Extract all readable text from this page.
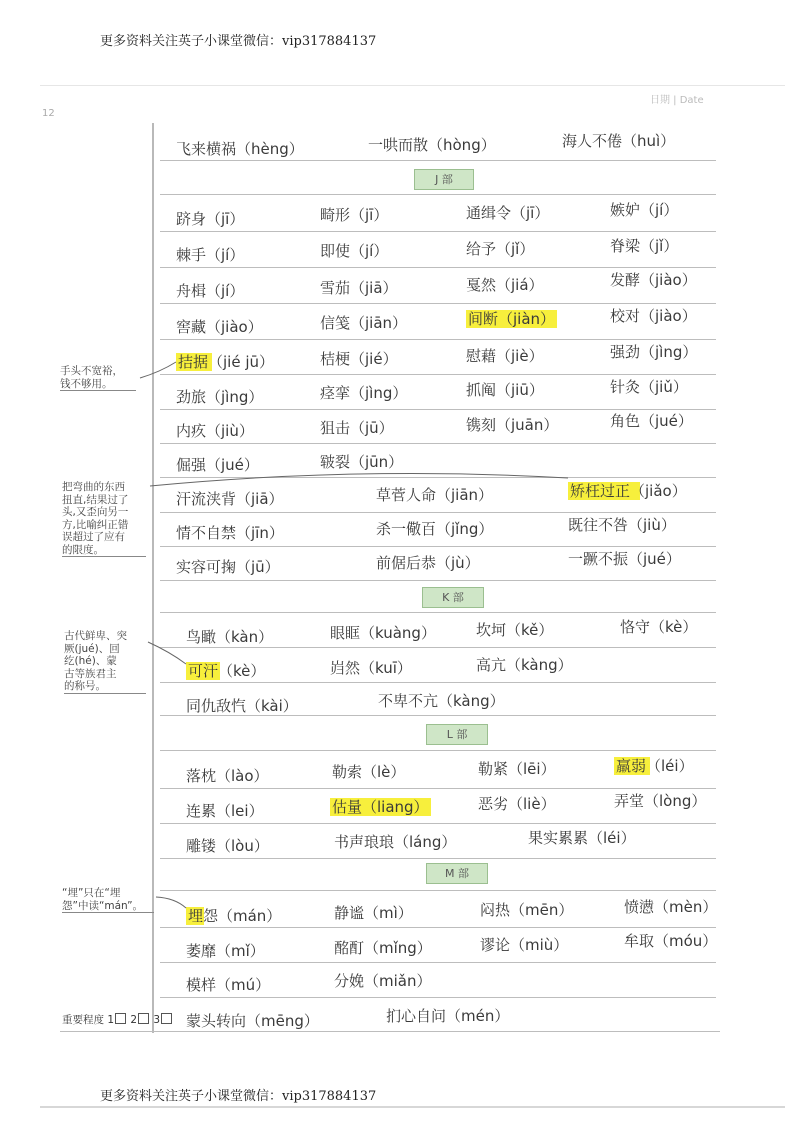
更多资料关注英子小课堂微信：vip317884137
12
日期 | Date
飞来横祸（hèng）	一哄而散（hòng）	海人不倦（huì）
J 部
跻身（jī）	畸形（jī）	通缉令（jī）	嫉妒（jí）
棘手（jí）	即使（jí）	给予（jǐ）	脊梁（jǐ）
舟楫（jí）	雪茄（jiā）	戛然（jiá）	发酵（jiào）
窖藏（jiào）	信笺（jiān）	间断（jiàn）	校对（jiào）
拮据（jié jū）	桔梗（jié）	慰藉（jiè）	强劲（jìng）
劲旅（jìng）	痉挛（jìng）	抓阄（jiū）	针灸（jiǔ）
内疚（jiù）	狙击（jū）	镌刻（juān）	角色（jué）
倔强（jué）	皲裂（jūn）
汗流浃背（jiā）	草菅人命（jiān）	矫枉过正（jiǎo）
情不自禁（jīn）	杀一儆百（jǐng）	既往不咎（jiù）
实容可掬（jū）	前倨后恭（jù）	一蹶不振（jué）
K 部
鸟瞰（kàn）	眼眶（kuàng）	坎坷（kě）	恪守（kè）
可汗（kè）	岿然（kuī）	高亢（kàng）
同仇敌忾（kài）	不卑不亢（kàng）
L 部
落枕（lào）	勒索（lè）	勒紧（lēi）	羸弱（léi）
连累（lei）	估量（liang）	恶劣（liè）	弄堂（lòng）
雕镂（lòu）	书声琅琅（láng）	果实累累（léi）
M 部
埋怨（mán）	静谧（mì）	闷热（mēn）	愤懑（mèn）
萎靡（mǐ）	酩酊（mǐng）	谬论（miù）	牟取（móu）
模样（mú）	分娩（miǎn）
蒙头转向（mēng）	扪心自问（mén）
手头不宽裕，
钱不够用。
把弯曲的东西
扭直,结果过了
头,又歪向另一
方,比喻纠正错
误超过了应有
的限度。
古代鲜卑、突
厥(jué)、回
纥(hé)、蒙
古等族君主
的称号。
“埋”只在“埋
怨”中读“mán”。
重要程度 1 2 3
更多资料关注英子小课堂微信：vip317884137
